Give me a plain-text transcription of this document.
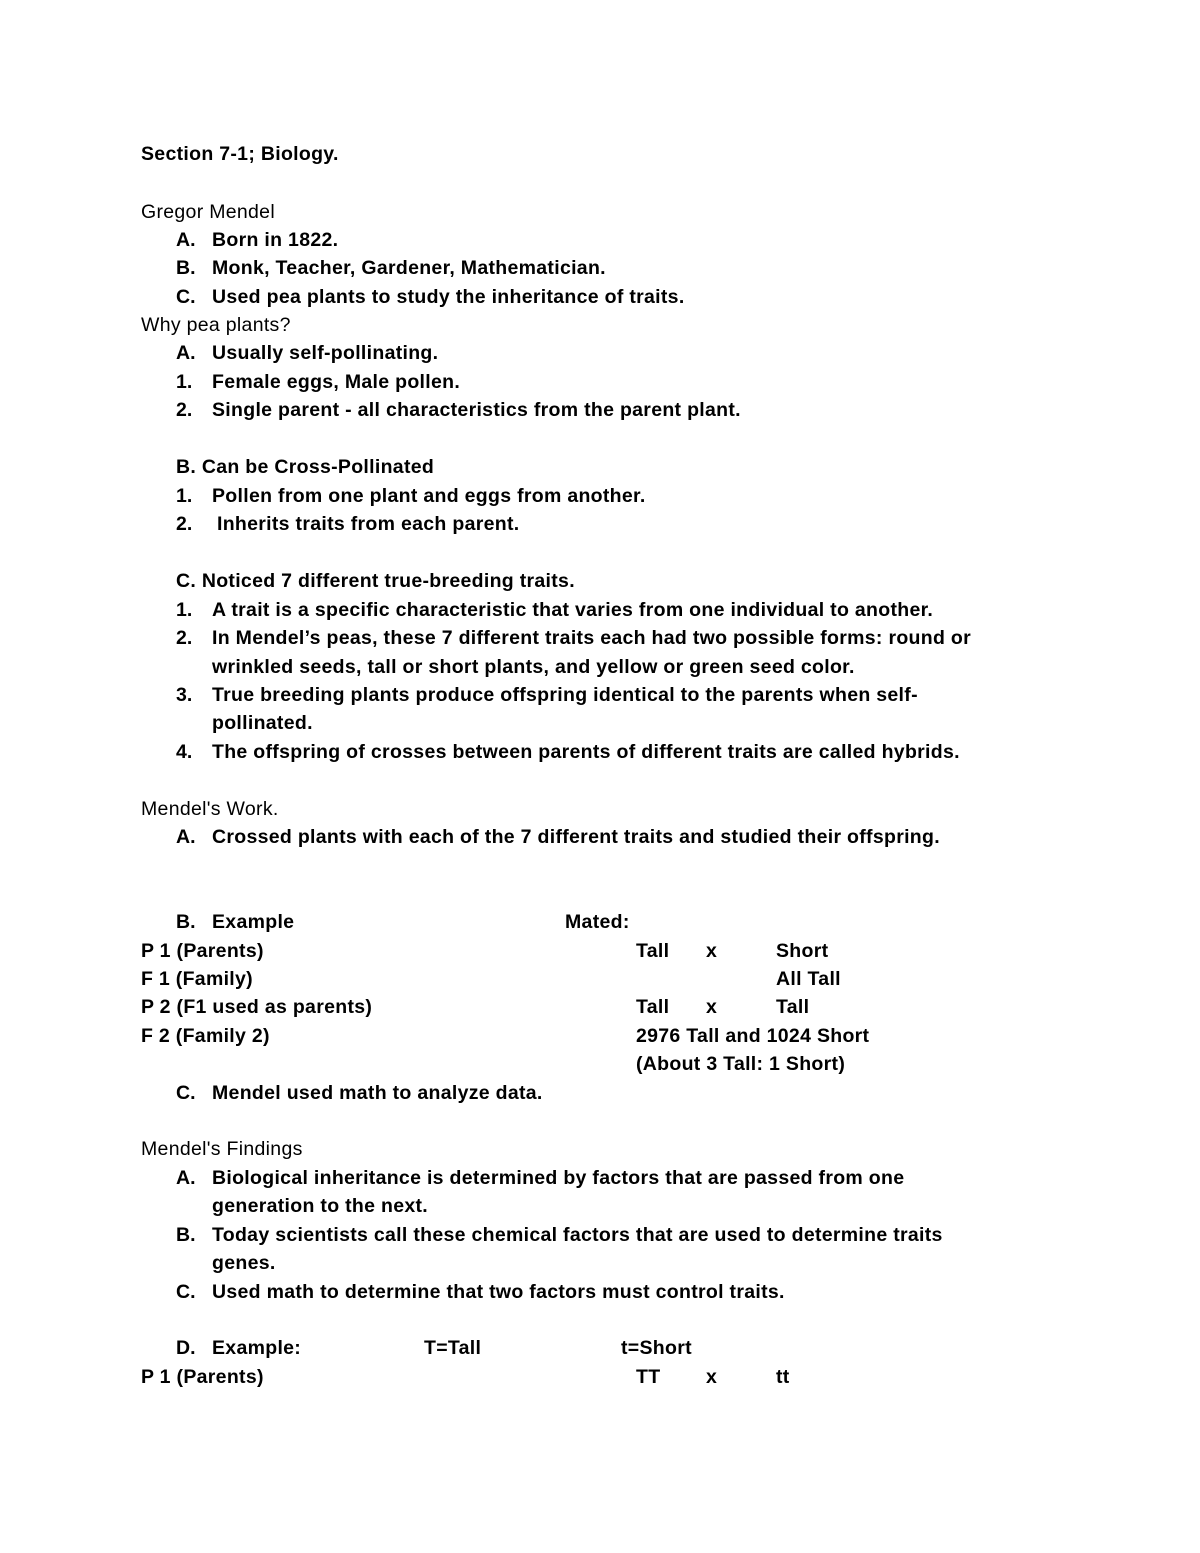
Section 7-1; Biology.
Gregor Mendel
A. Born in 1822.
B. Monk, Teacher, Gardener, Mathematician.
C. Used pea plants to study the inheritance of traits.
Why pea plants?
A. Usually self-pollinating.
1. Female eggs, Male pollen.
2. Single parent - all characteristics from the parent plant.
B. Can be Cross-Pollinated
1. Pollen from one plant and eggs from another.
2. Inherits traits from each parent.
C. Noticed 7 different true-breeding traits.
1. A trait is a specific characteristic that varies from one individual to another.
2. In Mendel’s peas, these 7 different traits each had two possible forms: round or
wrinkled seeds, tall or short plants, and yellow or green seed color.
3. True breeding plants produce offspring identical to the parents when self-
pollinated.
4. The offspring of crosses between parents of different traits are called hybrids.
Mendel's Work.
A. Crossed plants with each of the 7 different traits and studied their offspring.
B. Example	Mated:
P 1 (Parents)	Tall x	Short
F 1 (Family)	All Tall
P 2 (F1 used as parents)	Tall x	Tall
F 2 (Family 2)	2976 Tall and 1024 Short
(About 3 Tall: 1 Short)
C. Mendel used math to analyze data.
Mendel's Findings
A. Biological inheritance is determined by factors that are passed from one
generation to the next.
B. Today scientists call these chemical factors that are used to determine traits
genes.
C. Used math to determine that two factors must control traits.
D. Example:	T=Tall	t=Short
P 1 (Parents)	TT x	tt
